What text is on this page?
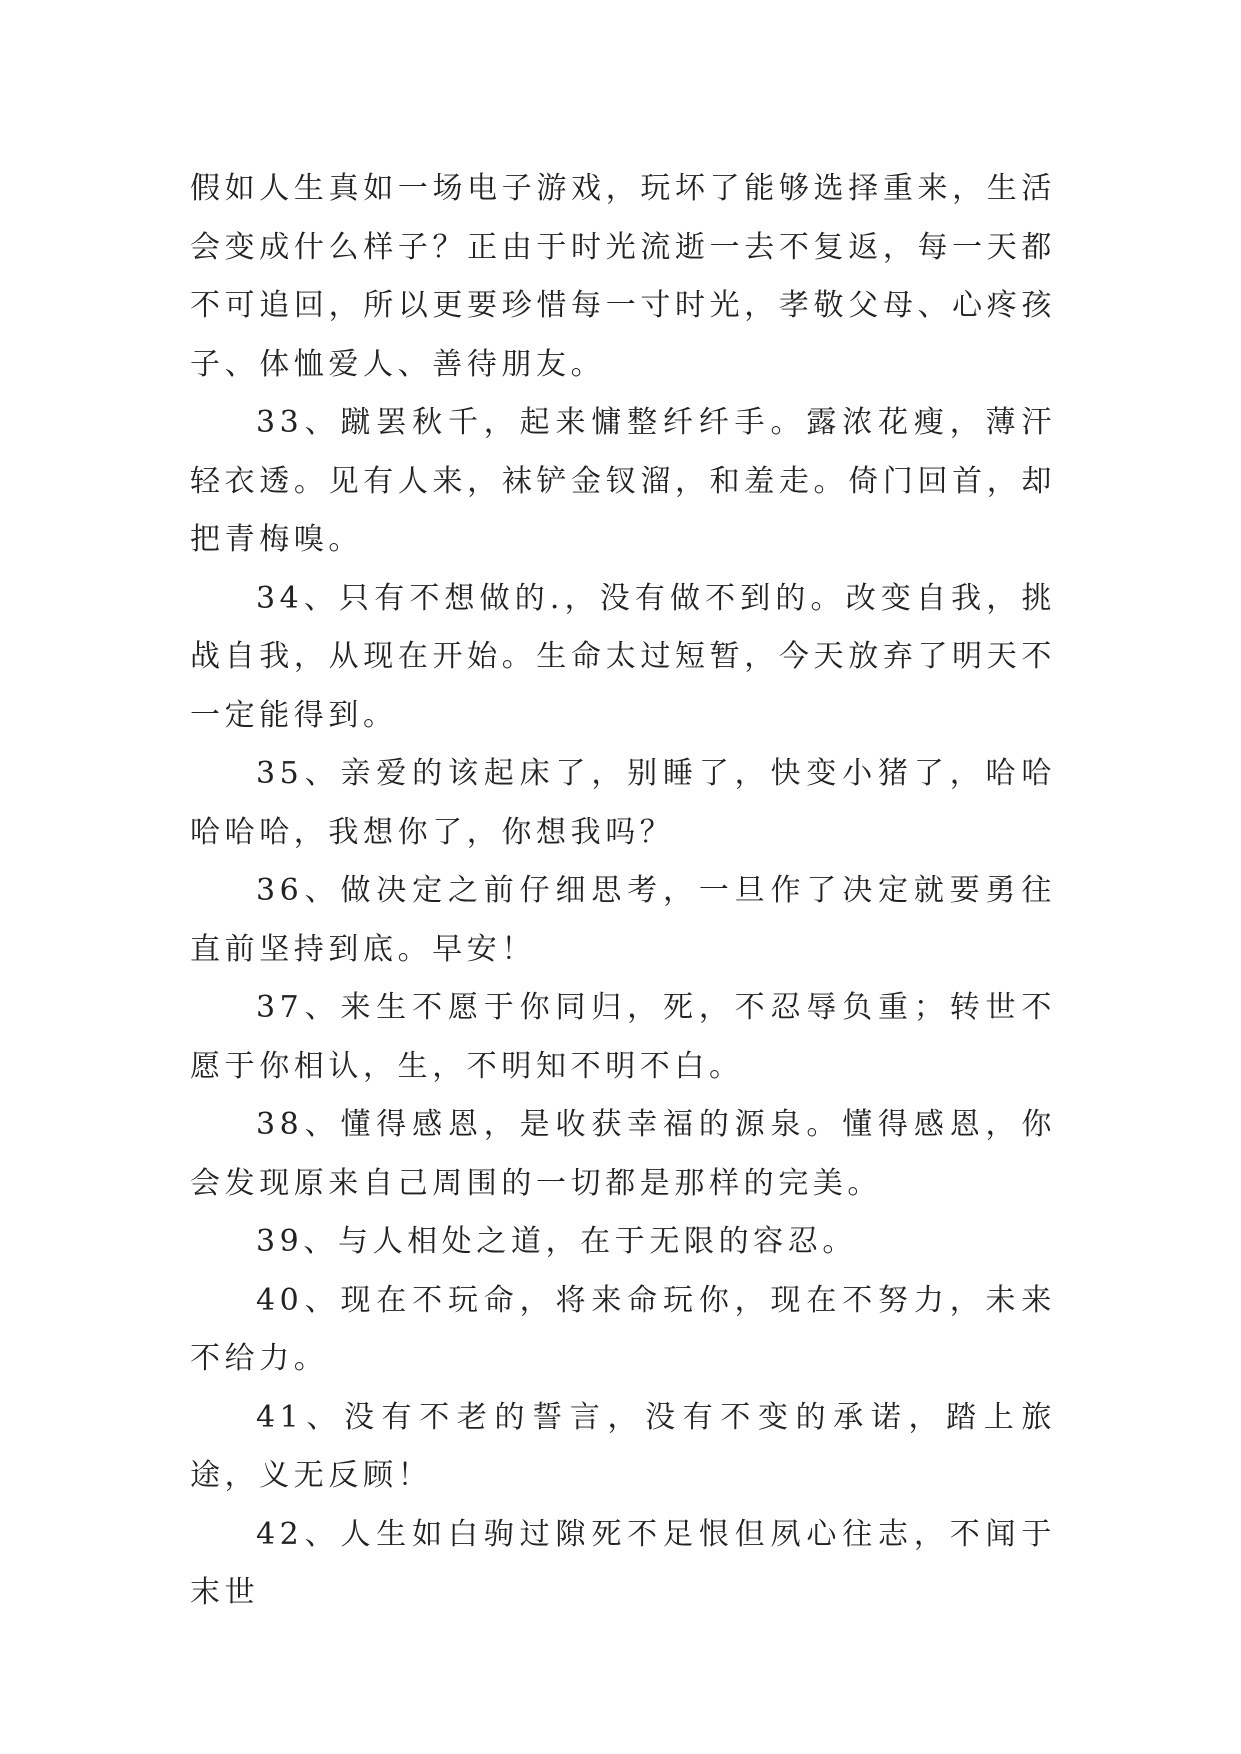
假如人生真如一场电子游戏，玩坏了能够选择重来，生活会变成什么样子？正由于时光流逝一去不复返，每一天都不可追回，所以更要珍惜每一寸时光，孝敬父母、心疼孩子、体恤爱人、善待朋友。

33、蹴罢秋千，起来慵整纤纤手。露浓花瘦，薄汗轻衣透。见有人来，袜铲金钗溜，和羞走。倚门回首，却把青梅嗅。

34、只有不想做的.，没有做不到的。改变自我，挑战自我，从现在开始。生命太过短暂，今天放弃了明天不一定能得到。

35、亲爱的该起床了，别睡了，快变小猪了，哈哈哈哈哈，我想你了，你想我吗？

36、做决定之前仔细思考，一旦作了决定就要勇往直前坚持到底。早安！

37、来生不愿于你同归，死，不忍辱负重；转世不愿于你相认，生，不明知不明不白。

38、懂得感恩，是收获幸福的源泉。懂得感恩，你会发现原来自己周围的一切都是那样的完美。

39、与人相处之道，在于无限的容忍。

40、现在不玩命，将来命玩你，现在不努力，未来不给力。

41、没有不老的誓言，没有不变的承诺，踏上旅途，义无反顾！

42、人生如白驹过隙死不足恨但夙心往志，不闻于末世
